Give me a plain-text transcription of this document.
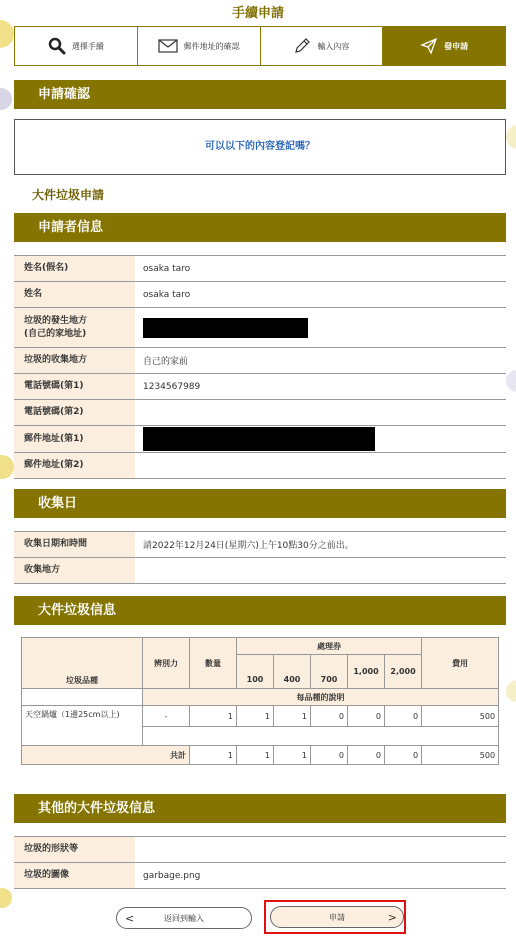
手續申請
選擇手續	郵件地址的確認	輸入內容	發申請
申請確認
可以以下的內容登記嗎？
大件垃圾申請
申請者信息
姓名(假名)	osaka taro
姓名	osaka taro
垃圾的發生地方
(自己的家地址)
垃圾的收集地方	自己的家前
電話號碼(第1)	1234567989
電話號碼(第2)
郵件地址(第1)
郵件地址(第2)
收集日
收集日期和時間	請2022年12月24日(星期六)上午10點30分之前出。
收集地方
大件垃圾信息
垃圾品種	辨別力	數量	處理券					費用
			100	400	700	1,000	2,000	

	每品種的說明							
天空鍋爐（1邊25cm以上)	-	1	1	1	0	0	0	500

共計		1	1	1	0	0	0	500
其他的大件垃圾信息
垃圾的形狀等
垃圾的圖像	garbage.png
<	返回到輸入	申請	>
